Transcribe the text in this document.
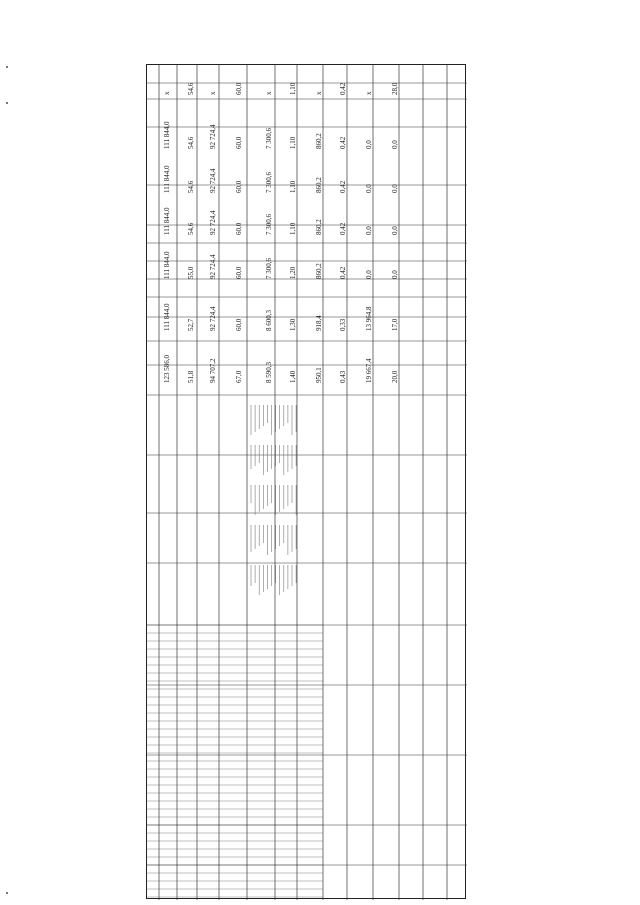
123 586,0
111 844,0
111 844,0
111 844,0
111 844,0
111 844,0
x
51,8
52,7
55,0
54,6
54,6
54,6
54,6
94 707,2
92 724,4
92 724,4
92 724,4
92 724,4
92 724,4
x
67,0
60,0
60,0
60,0
60,0
60,0
60,0
8 590,3
8 600,3
7 300,6
7 300,6
7 300,6
7 300,6
x
1,40
1,30
1,20
1,10
1,10
1,10
1,10
950,1
918,4
860,2
860,2
860,2
860,2
x
0,43
0,33
0,42
0,42
0,42
0,42
0,42
19 667,4
13 964,8
0,0
0,0
0,0
0,0
x
20,0
17,0
0,0
0,0
0,0
0,0
28,0
